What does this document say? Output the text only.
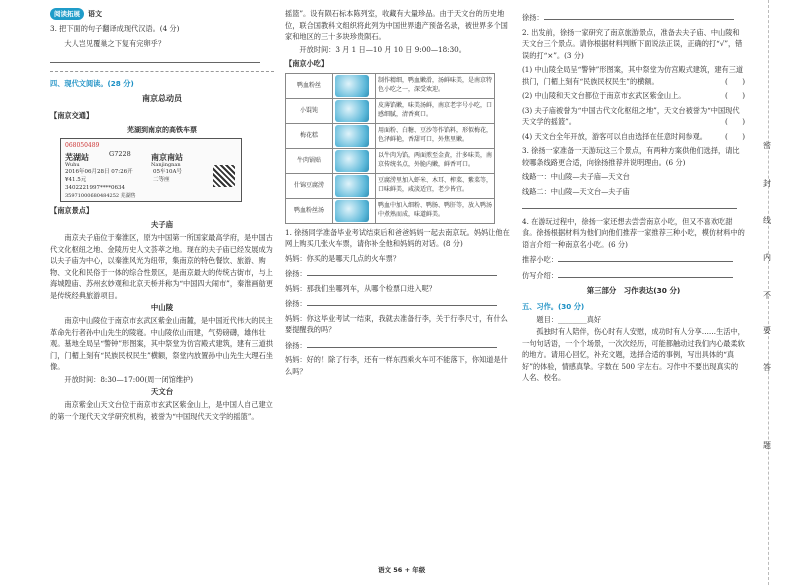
阅读拓展	语文
3. 把下面的句子翻译成现代汉语。(4 分)
大人岂见覆巢之下复有完卵乎？
四、现代文阅读。(28 分)
南京总动员
【南京交通】
芜湖到南京的高铁车票
068050489
芜湖站	G7228	南京南站
Wuhu	Nanjingnan
2016年06月28日 07:26开	05车10A号
¥41.5元	二等座
3402221997****0634
35971000680484252 芜湖售
【南京景点】
夫子庙
南京夫子庙位于秦淮区，原为中国第一所国家最高学府，是中国古代文化枢纽之地、金陵历史人文荟萃之地。现在的夫子庙已经发展成为以夫子庙为中心，以秦淮风光为纽带，集南京的特色餐饮、旅游、购物、文化和民俗于一体的综合性景区，是南京最大的传统古街市，与上海城隍庙、苏州玄妙观和北京天桥并称为“中国四大闹市”，秦淮画舫更是传统经典旅游项目。
中山陵
南京中山陵位于南京市玄武区紫金山南麓，是中国近代伟大的民主革命先行者孙中山先生的陵寝。中山陵依山而建，气势磅礴，雄伟壮观。墓地全局呈“警钟”形图案，其中祭堂为仿宫殿式建筑，建有三道拱门，门楣上刻有“民族民权民生”横额，祭堂内放置孙中山先生大理石坐像。
开放时间：8:30—17:00(周一闭馆维护)
天文台
南京紫金山天文台位于南京市玄武区紫金山上，是中国人自己建立的第一个现代天文学研究机构，被誉为“中国现代天文学的摇篮”。
摇篮”。设有陨石标本陈列室，收藏有大量珍品。由于天文台的历史地位，联合国教科文组织将此列为中国世界遗产预备名录，被世界多个国家和地区的三十多块珍贵陨石。
开放时间：3 月 1 日—10 月 10 日 9:00—18:30。
【南京小吃】
鸭血粉丝		制作精细，鸭血嫩滑，汤鲜味美，是南京特色小吃之一，深受欢迎。
小馄饨		皮薄馅嫩，味美汤鲜，南京老字号小吃，口感细腻，清香爽口。
梅花糕		用面粉、白糖、豆沙等作馅料，形似梅花，色泽鲜艳，香甜可口，外焦里嫩。
牛肉锅贴		以牛肉为馅，两面煎至金黄，汁多味美，南京传统名点，外脆内嫩，鲜香可口。
什锦豆腐涝		豆腐涝里加入虾米、木耳、榨菜、紫菜等，口味鲜美，咸淡适宜，老少皆宜。
鸭血粉丝汤		鸭血中加入细粉、鸭肠、鸭肝等，放入鸭汤中煮熟而成，味道鲜美。
1. 徐扬同学准备毕业考试结束后和爸爸妈妈一起去南京玩。妈妈让他在网上购买几张火车票，请你补全他和妈妈的对话。(8 分)
妈妈：你买的是哪天几点的火车票？
徐扬：
妈妈：那我们坐哪列车，从哪个检票口进入呢？
徐扬：
妈妈：你这毕业考试一结束，我就去准备行李，关于行李尺寸，有什么要提醒我的吗？
徐扬：
妈妈：好的！除了行李，还有一样东西乘火车可不能落下，你知道是什么吗？
徐扬：
2. 出发前，徐扬一家研究了南京旅游景点，准备去夫子庙、中山陵和天文台三个景点。请你根据材料判断下面说法正误，正确的打“√”，错误的打“×”。(3 分)
(1) 中山陵全局呈“警钟”形图案，其中祭堂为仿宫殿式建筑，建有三道拱门，门楣上刻有“民族民权民生”的横额。	(　　)
(2) 中山陵和天文台都位于南京市玄武区紫金山上。	(　　)
(3) 夫子庙被誉为“中国古代文化枢纽之地”，天文台被誉为“中国现代天文学的摇篮”。	(　　)
(4) 天文台全年开放，游客可以自由选择在任意时间参观。	(　　)
3. 徐扬一家准备一天游玩这三个景点，有两种方案供他们选择，请比较哪条线路更合适，向徐扬推荐并说明理由。(6 分)
线路一：中山陵—夫子庙—天文台
线路二：中山陵—天文台—夫子庙
4. 在游玩过程中，徐扬一家还想去尝尝南京小吃，但又不喜欢吃甜食。徐扬根据材料为他们向他们推荐一家推荐三种小吃，模仿材料中的语言介绍一种南京名小吃。(6 分)
推荐小吃：
仿写介绍：
第三部分　习作表达(30 分)
五、习作。(30 分)
题目：________真好
孤独时有人陪伴，伤心时有人安慰，成功时有人分享……生活中，一句句话语，一个个场景，一次次经历，可能都触动过我们内心最柔软的地方。请用心回忆，补充文题，选择合适的事例，写出具体的“真好”的体验，情感真挚。字数在 500 字左右。习作中不要出现真实的人名、校名。
密
封
线
内
不
要
答
题
语文 56 + 年级
